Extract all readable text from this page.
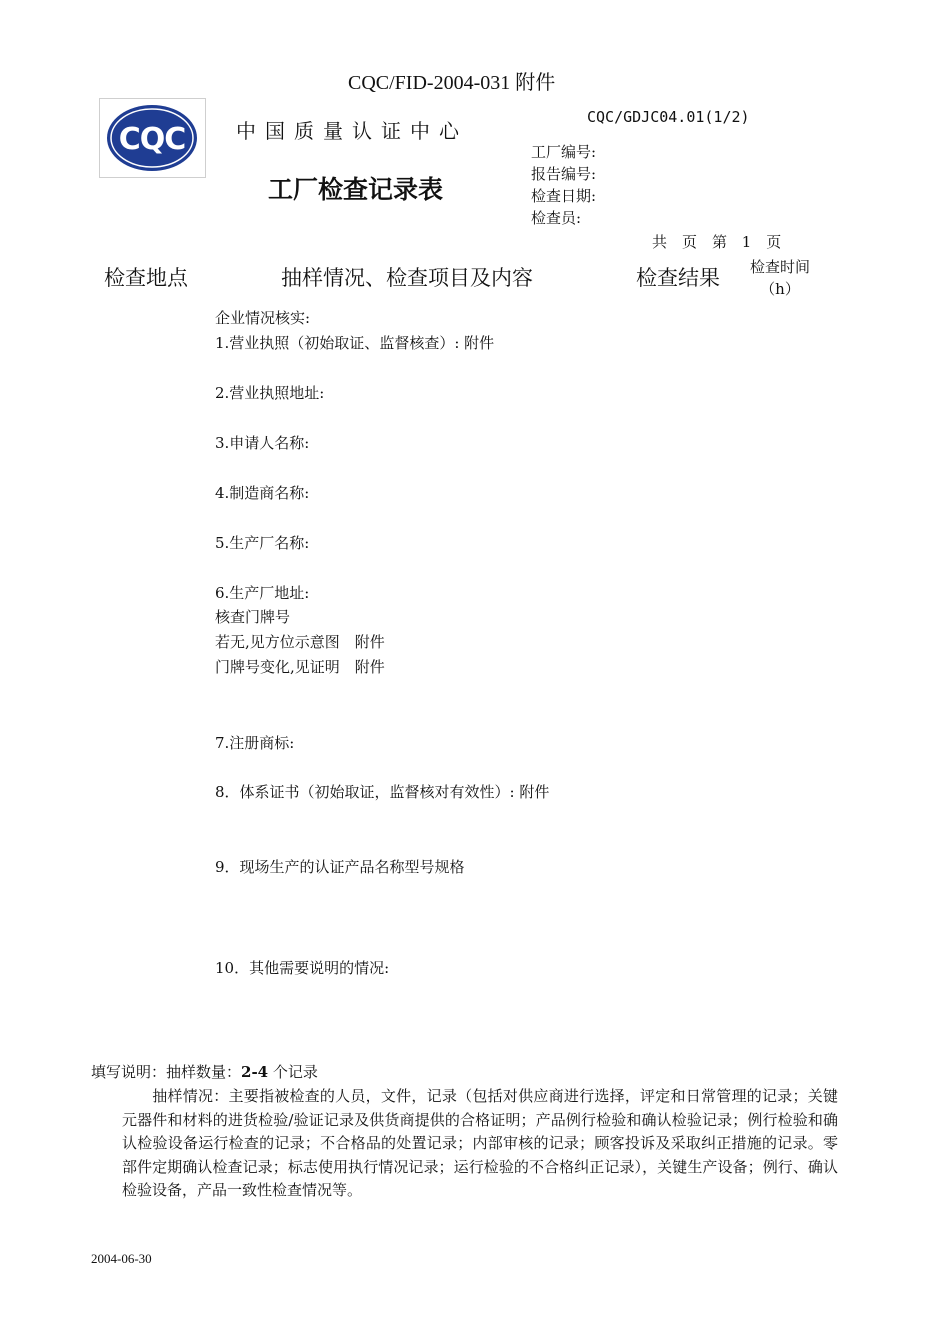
CQC/FID-2004-031 附件
CQC	中国质量认证中心
工厂检查记录表
CQC/GDJC04.01(1/2)
工厂编号:
报告编号:
检查日期:
检查员:
共　页　第 1　页
检查地点	抽样情况、检查项目及内容	检查结果 检查时间（h）
企业情况核实:
1.营业执照（初始取证、监督核查）: 附件
2.营业执照地址:
3.申请人名称:
4.制造商名称:
5.生产厂名称:
6.生产厂地址:
核查门牌号
若无,见方位示意图　附件
门牌号变化,见证明　附件
7.注册商标:
8．体系证书（初始取证，监督核对有效性）: 附件
9．现场生产的认证产品名称型号规格
10．其他需要说明的情况:
填写说明：抽样数量：2-4 个记录
抽样情况：主要指被检查的人员，文件，记录（包括对供应商进行选择，评定和日常管理的记录；关键元器件和材料的进货检验/验证记录及供货商提供的合格证明；产品例行检验和确认检验记录；例行检验和确认检验设备运行检查的记录；不合格品的处置记录；内部审核的记录；顾客投诉及采取纠正措施的记录。零部件定期确认检查记录；标志使用执行情况记录；运行检验的不合格纠正记录），关键生产设备；例行、确认检验设备，产品一致性检查情况等。
2004-06-30
